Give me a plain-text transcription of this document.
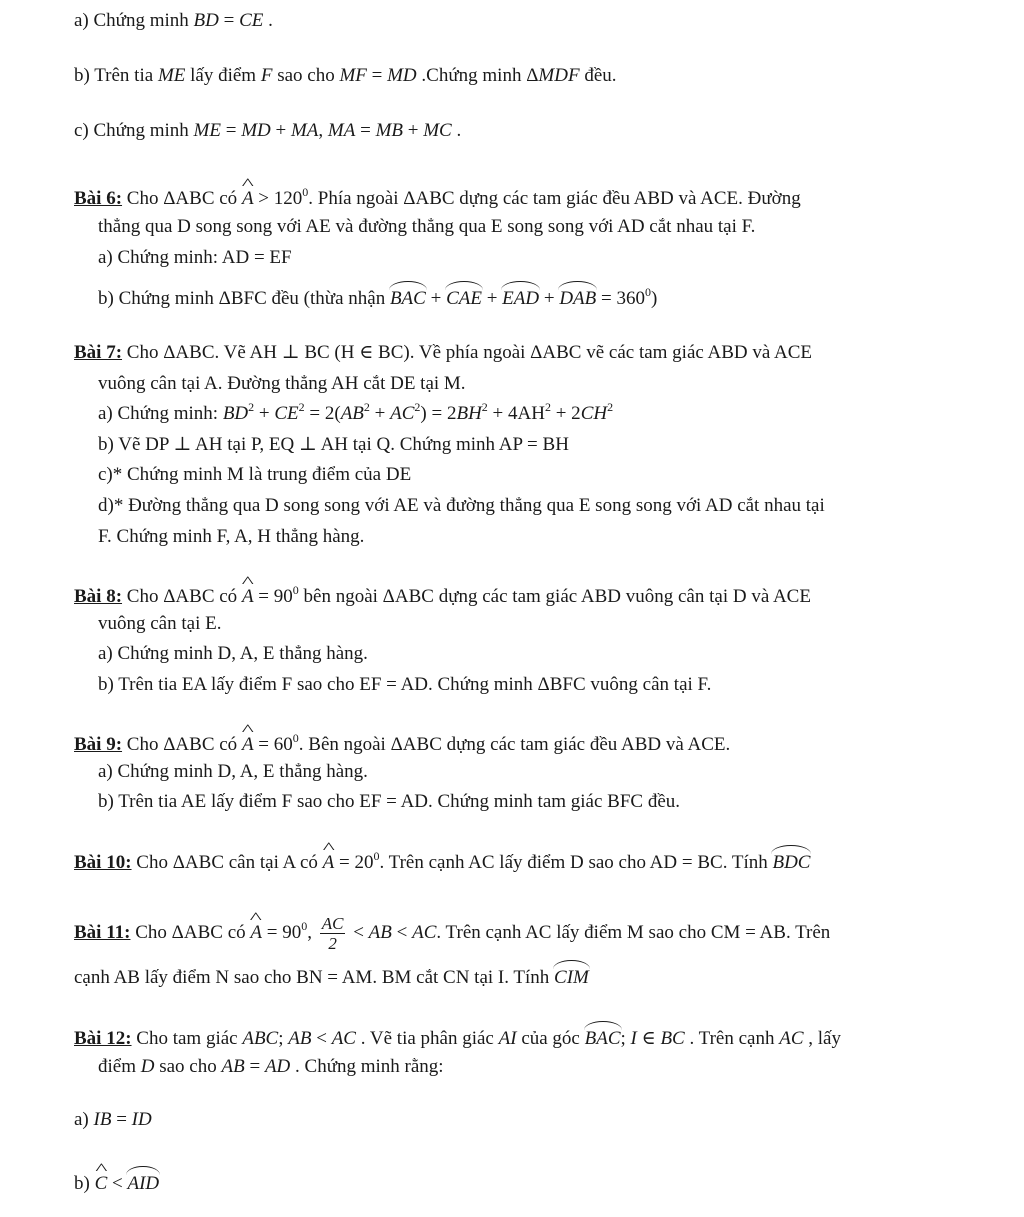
a) Chứng minh BD = CE .
b) Trên tia ME lấy điểm F sao cho MF = MD .Chứng minh ΔMDF đều.
c) Chứng minh ME = MD + MA, MA = MB + MC .
Bài 6: Cho ΔABC có ^ $A > 120^0$. Phía ngoài ΔABC dựng các tam giác đều ABD và ACE. Đường
thẳng qua D song song với AE và đường thẳng qua E song song với AD cắt nhau tại F.
a) Chứng minh: AD = EF
b) Chứng minh ΔBFC đều (thừa nhận BAC + CAE + EAD + DAB = $360^0$)
Bài 7: Cho ΔABC. Vẽ AH ⊥ BC (H ∈ BC). Về phía ngoài ΔABC vẽ các tam giác ABD và ACE
vuông cân tại A. Đường thẳng AH cắt DE tại M.
a) Chứng minh: $BD^2 + CE^2 = 2(AB^2 + AC^2) = 2BH^2 + 4AH^2 + 2CH^2$
b) Vẽ DP ⊥ AH tại P, EQ ⊥ AH tại Q. Chứng minh AP = BH
c)* Chứng minh M là trung điểm của DE
d)* Đường thẳng qua D song song với AE và đường thẳng qua E song song với AD cắt nhau tại
F. Chứng minh F, A, H thẳng hàng.
Bài 8: Cho ΔABC có ^ $A = 90^0$ bên ngoài ΔABC dựng các tam giác ABD vuông cân tại D và ACE
vuông cân tại E.
a) Chứng minh D, A, E thẳng hàng.
b) Trên tia EA lấy điểm F sao cho EF = AD. Chứng minh ΔBFC vuông cân tại F.
Bài 9: Cho ΔABC có ^ $A = 60^0$. Bên ngoài ΔABC dựng các tam giác đều ABD và ACE.
a) Chứng minh D, A, E thẳng hàng.
b) Trên tia AE lấy điểm F sao cho EF = AD. Chứng minh tam giác BFC đều.
Bài 10: Cho ΔABC cân tại A có ^ $A = 20^0$. Trên cạnh AC lấy điểm D sao cho AD = BC. Tính BDC
Bài 11: Cho ΔABC có ^ $A = 90^0$, $\frac{AC}{2}$ < AB < AC. Trên cạnh AC lấy điểm M sao cho CM = AB. Trên
cạnh AB lấy điểm N sao cho BN = AM. BM cắt CN tại I. Tính CIM
Bài 12: Cho tam giác ABC; AB < AC . Vẽ tia phân giác AI của góc BAC; I ∈ BC . Trên cạnh AC , lấy
điểm D sao cho AB = AD . Chứng minh rằng:
a) IB = ID
b) ^ C < AID
